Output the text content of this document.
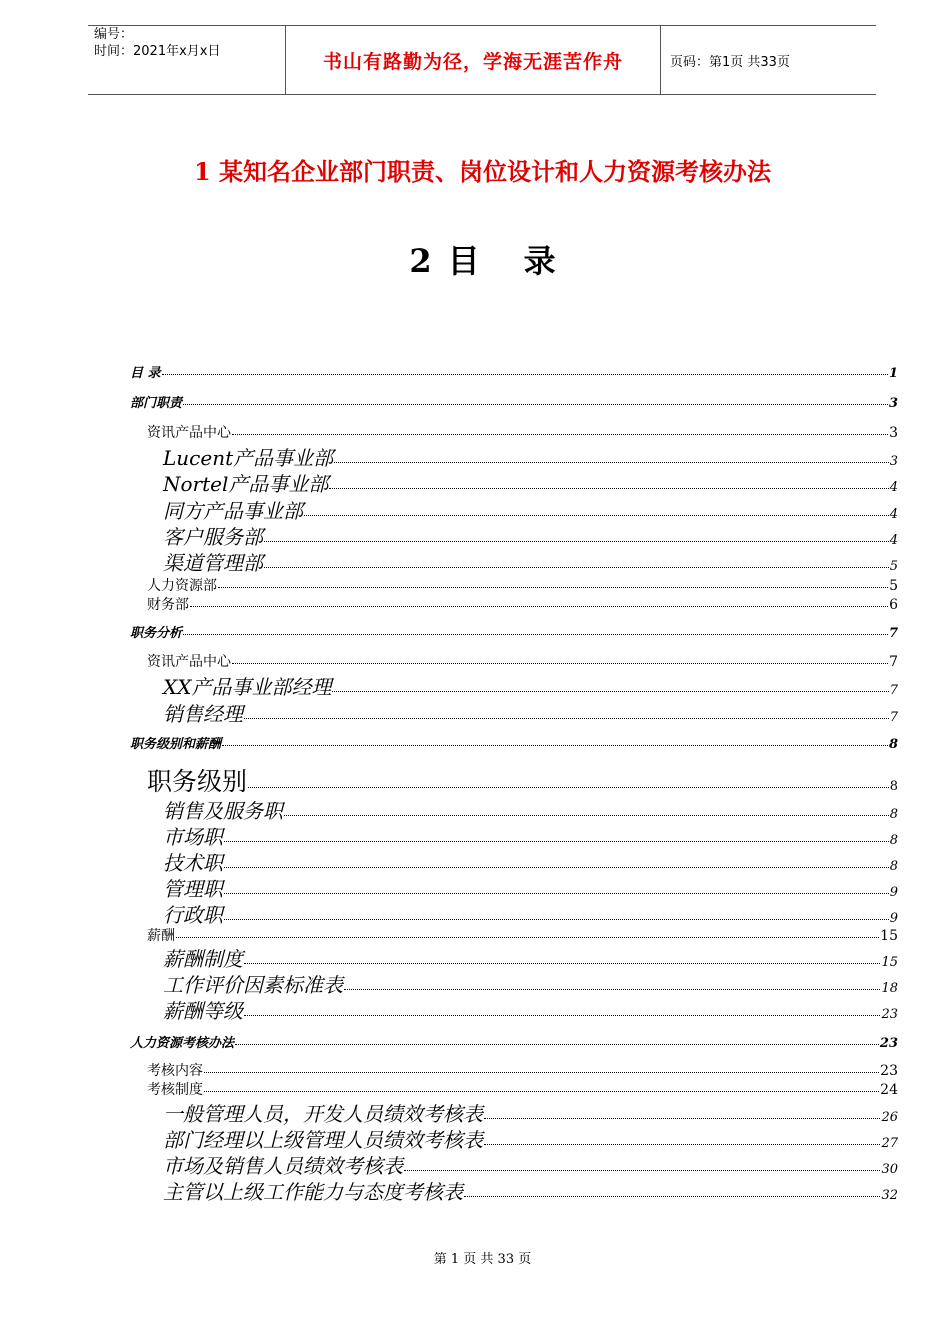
编号：
时间：2021年x月x日	书山有路勤为径，学海无涯苦作舟	页码：第1页 共33页
1 某知名企业部门职责、岗位设计和人力资源考核办法
2 目 录
目 录	1
部门职责	3
资讯产品中心	3
Lucent产品事业部	3
Nortel产品事业部	4
同方产品事业部	4
客户服务部	4
渠道管理部	5
人力资源部	5
财务部	6
职务分析	7
资讯产品中心	7
XX产品事业部经理	7
销售经理	7
职务级别和薪酬	8
职务级别	8
销售及服务职	8
市场职	8
技术职	8
管理职	9
行政职	9
薪酬	15
薪酬制度	15
工作评价因素标准表	18
薪酬等级	23
人力资源考核办法	23
考核内容	23
考核制度	24
一般管理人员，开发人员绩效考核表	26
部门经理以上级管理人员绩效考核表	27
市场及销售人员绩效考核表	30
主管以上级工作能力与态度考核表	32
第 1 页 共 33 页
